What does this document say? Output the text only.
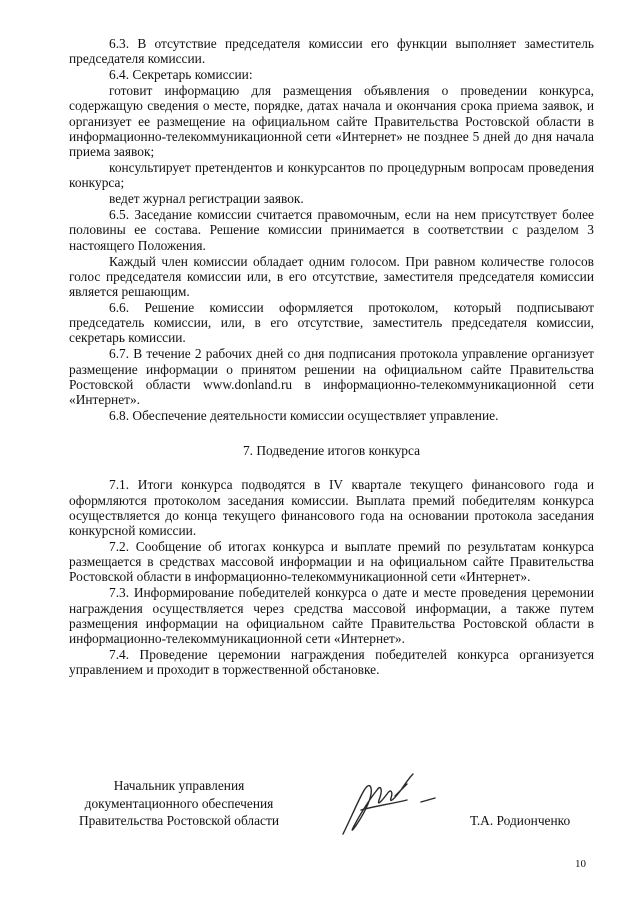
6.3. В отсутствие председателя комиссии его функции выполняет заместитель председателя комиссии.

6.4. Секретарь комиссии:

готовит информацию для размещения объявления о проведении конкурса, содержащую сведения о месте, порядке, датах начала и окончания срока приема заявок, и организует ее размещение на официальном сайте Правительства Ростовской области в информационно-телекоммуникационной сети «Интернет» не позднее 5 дней до дня начала приема заявок;

консультирует претендентов и конкурсантов по процедурным вопросам проведения конкурса;

ведет журнал регистрации заявок.

6.5. Заседание комиссии считается правомочным, если на нем присутствует более половины ее состава. Решение комиссии принимается в соответствии с разделом 3 настоящего Положения.

Каждый член комиссии обладает одним голосом. При равном количестве голосов голос председателя комиссии или, в его отсутствие, заместителя председателя комиссии является решающим.

6.6. Решение комиссии оформляется протоколом, который подписывают председатель комиссии, или, в его отсутствие, заместитель председателя комиссии, секретарь комиссии.

6.7. В течение 2 рабочих дней со дня подписания протокола управление организует размещение информации о принятом решении на официальном сайте Правительства Ростовской области www.donland.ru в информационно-телекоммуникационной сети «Интернет».

6.8. Обеспечение деятельности комиссии осуществляет управление.

7. Подведение итогов конкурса

7.1. Итоги конкурса подводятся в IV квартале текущего финансового года и оформляются протоколом заседания комиссии. Выплата премий победителям конкурса осуществляется до конца текущего финансового года на основании протокола заседания конкурсной комиссии.

7.2. Сообщение об итогах конкурса и выплате премий по результатам конкурса размещается в средствах массовой информации и на официальном сайте Правительства Ростовской области в информационно-телекоммуникационной сети «Интернет».

7.3. Информирование победителей конкурса о дате и месте проведения церемонии награждения осуществляется через средства массовой информации, а также путем размещения информации на официальном сайте Правительства Ростовской области в информационно-телекоммуникационной сети «Интернет».

7.4. Проведение церемонии награждения победителей конкурса организуется управлением и проходит в торжественной обстановке.

Начальник управления
документационного обеспечения
Правительства Ростовской области	Т.А. Родионченко
10
